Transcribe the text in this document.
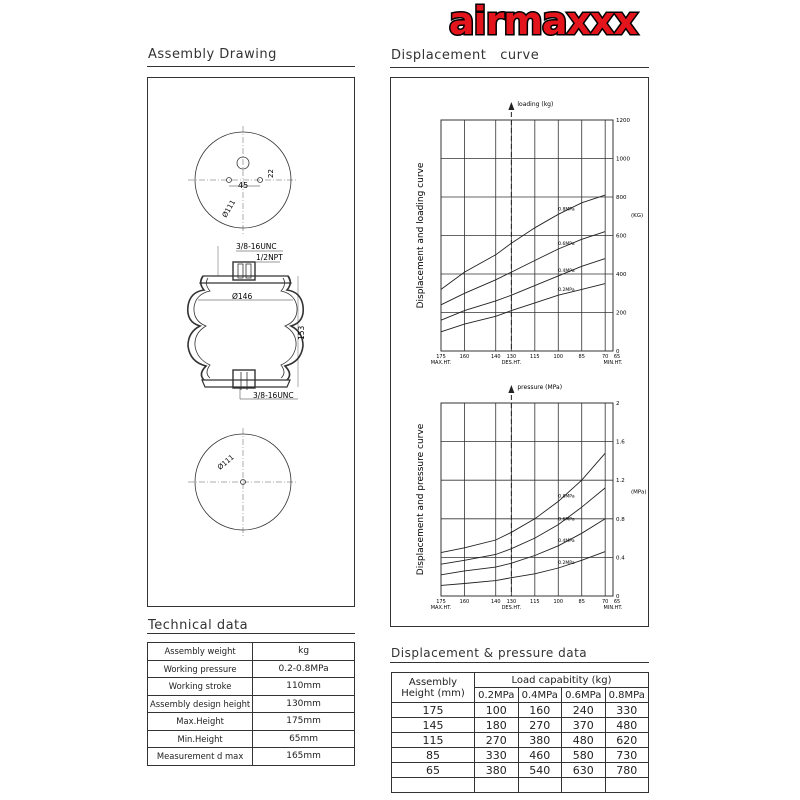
airmaxxx
Assembly Drawing
45
22
Ø111
3/8-16UNC
1/2NPT
Ø146
153
3/8-16UNC
Ø111
Technical data
Assembly weight	kg
Working pressure	0.2-0.8MPa
Working stroke	110mm
Assembly design height	130mm
Max.Height	175mm
Min.Height	65mm
Measurement d max	165mm
Displacement   curve
loading (kg)
Displacement and loading curve
0
200
400
600
800
1000
1200
(KG)
175	160	140 130	115	100	85	70 65
MAX.HT.	DES.HT.	MIN.HT.
0.8MPa
0.6MPa
0.4MPa
0.2MPa
pressure (MPa)
Displacement and pressure curve
0
0.4
0.8
1.2
1.6
2
(MPa)
175	160	140 130	115	100	85	70 65
MAX.HT.	DES.HT.	MIN.HT.
0.8MPa
0.6MPa
0.4MPa
0.2MPa
Displacement & pressure data
Assembly
Height (mm)	Load capabitity (kg)			
	0.2MPa	0.4MPa	0.6MPa	0.8MPa
175	100	160	240	330
145	180	270	370	480
115	270	380	480	620
85	330	460	580	730
65	380	540	630	780
